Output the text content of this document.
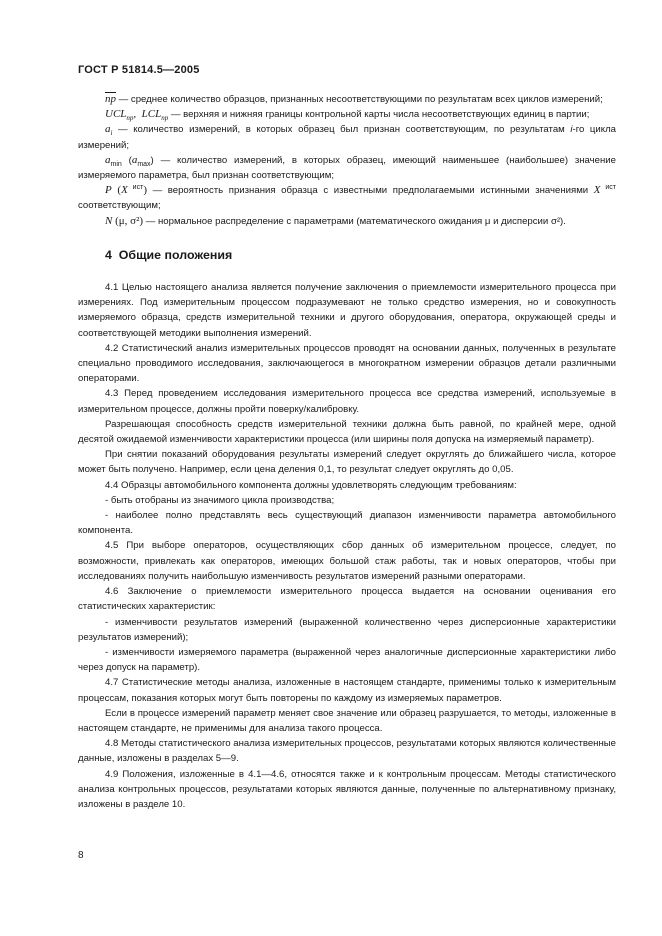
ГОСТ Р 51814.5—2005

$\overline{np}$ — среднее количество образцов, признанных несоответствующими по результатам всех циклов измерений;

$UCL_{np}$,  $LCL_{np}$ — верхняя и нижняя границы контрольной карты числа несоответствующих единиц в партии;

$a_i$ — количество измерений, в которых образец был признан соответствующим, по результатам i-го цикла измерений;

$a_{min}$ $(a_{max})$ — количество измерений, в которых образец, имеющий наименьшее (наибольшее) значение измеряемого параметра, был признан соответствующим;

P (X $^{ист}$) — вероятность признания образца с известными предполагаемыми истинными значениями X $^{ист}$ соответствующим;

N (μ, σ²) — нормальное распределение с параметрами (математического ожидания μ и дисперсии σ²).

4 Общие положения

4.1 Целью настоящего анализа является получение заключения о приемлемости измерительного процесса при измерениях. Под измерительным процессом подразумевают не только средство измерения, но и совокупность измеряемого образца, средств измерительной техники и другого оборудования, оператора, окружающей среды и соответствующей методики выполнения измерений.

4.2 Статистический анализ измерительных процессов проводят на основании данных, полученных в результате специально проводимого исследования, заключающегося в многократном измерении образцов детали различными операторами.

4.3 Перед проведением исследования измерительного процесса все средства измерений, используемые в измерительном процессе, должны пройти поверку/калибровку.

Разрешающая способность средств измерительной техники должна быть равной, по крайней мере, одной десятой ожидаемой изменчивости характеристики процесса (или ширины поля допуска на измеряемый параметр).

При снятии показаний оборудования результаты измерений следует округлять до ближайшего числа, которое может быть получено. Например, если цена деления 0,1, то результат следует округлять до 0,05.

4.4 Образцы автомобильного компонента должны удовлетворять следующим требованиям:

- быть отобраны из значимого цикла производства;

- наиболее полно представлять весь существующий диапазон изменчивости параметра автомобильного компонента.

4.5 При выборе операторов, осуществляющих сбор данных об измерительном процессе, следует, по возможности, привлекать как операторов, имеющих большой стаж работы, так и новых операторов, чтобы при исследованиях получить наибольшую изменчивость результатов измерений разными операторами.

4.6 Заключение о приемлемости измерительного процесса выдается на основании оценивания его статистических характеристик:

- изменчивости результатов измерений (выраженной количественно через дисперсионные характеристики результатов измерений);

- изменчивости измеряемого параметра (выраженной через аналогичные дисперсионные характеристики либо через допуск на параметр).

4.7 Статистические методы анализа, изложенные в настоящем стандарте, применимы только к измерительным процессам, показания которых могут быть повторены по каждому из измеряемых параметров.

Если в процессе измерений параметр меняет свое значение или образец разрушается, то методы, изложенные в настоящем стандарте, не применимы для анализа такого процесса.

4.8 Методы статистического анализа измерительных процессов, результатами которых являются количественные данные, изложены в разделах 5—9.

4.9 Положения, изложенные в 4.1—4.6, относятся также и к контрольным процессам. Методы статистического анализа контрольных процессов, результатами которых являются данные, полученные по альтернативному признаку, изложены в разделе 10.

8
